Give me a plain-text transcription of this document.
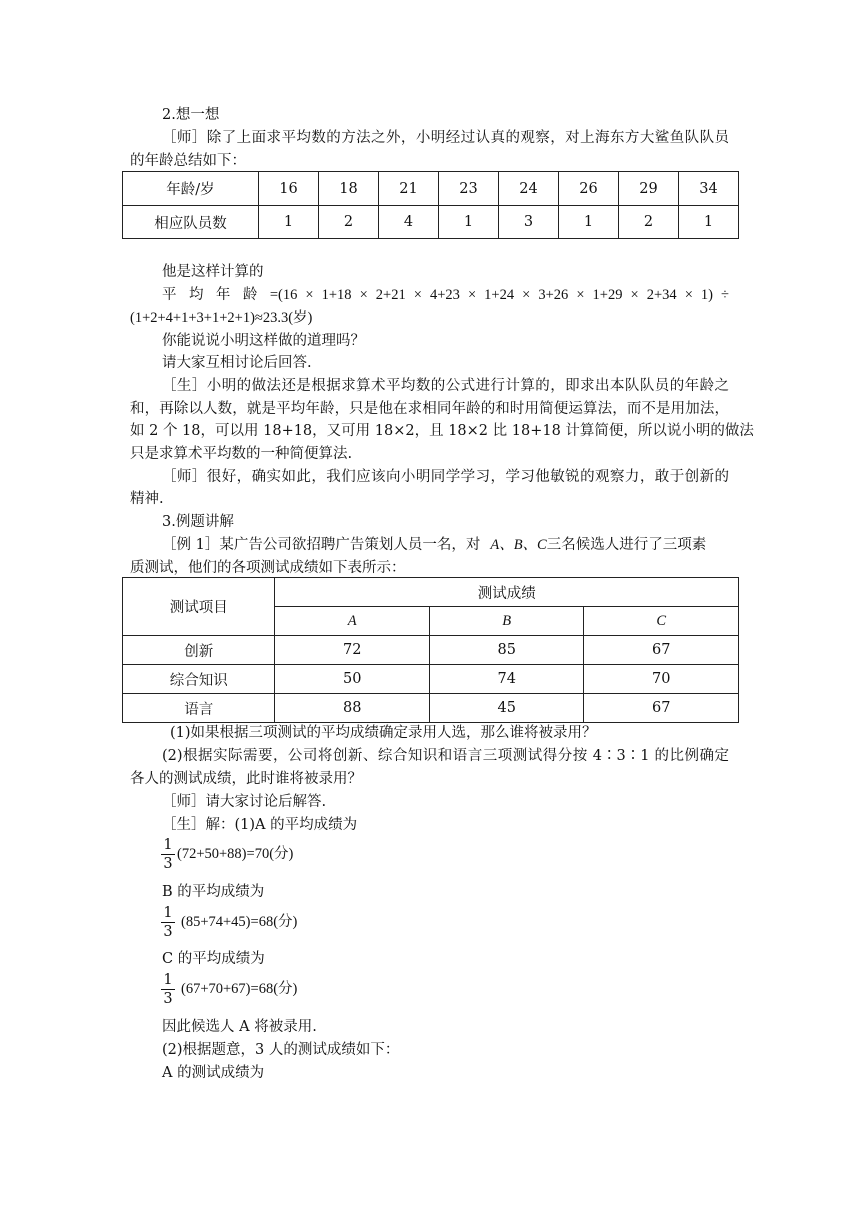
2.想一想
［师］除了上面求平均数的方法之外，小明经过认真的观察，对上海东方大鲨鱼队队员
的年龄总结如下：
年龄/岁	16	18	21	23	24	26	29	34
相应队员数	1	2	4	1	3	1	2	1
他是这样计算的
平 均 年 龄 =(16 × 1+18 × 2+21 × 4+23 × 1+24 × 3+26 × 1+29 × 2+34 × 1) ÷
(1+2+4+1+3+1+2+1)≈23.3(岁)
你能说说小明这样做的道理吗？
请大家互相讨论后回答.
［生］小明的做法还是根据求算术平均数的公式进行计算的，即求出本队队员的年龄之
和，再除以人数，就是平均年龄，只是他在求相同年龄的和时用简便运算法，而不是用加法，
如 2 个 18，可以用 18+18，又可用 18×2，且 18×2 比 18+18 计算简便，所以说小明的做法
只是求算术平均数的一种简便算法.
［师］很好，确实如此，我们应该向小明同学学习，学习他敏锐的观察力，敢于创新的
精神.
3.例题讲解
［例 1］某广告公司欲招聘广告策划人员一名，对 A、B、C三名候选人进行了三项素
质测试，他们的各项测试成绩如下表所示：
测试项目	测试成绩		
	A	B	C
创新	72	85	67
综合知识	50	74	70
语言	88	45	67
(1)如果根据三项测试的平均成绩确定录用人选，那么谁将被录用？
(2)根据实际需要，公司将创新、综合知识和语言三项测试得分按 4∶3∶1 的比例确定
各人的测试成绩，此时谁将被录用？
［师］请大家讨论后解答.
［生］解：(1)A 的平均成绩为
$\frac{1}{3} (72+50+88)=70$(分)
B 的平均成绩为
$\frac{1}{3} (85+74+45)=68$(分)
C 的平均成绩为
$\frac{1}{3} (67+70+67)=68$(分)
因此候选人 A 将被录用.
(2)根据题意，3 人的测试成绩如下：
A 的测试成绩为
